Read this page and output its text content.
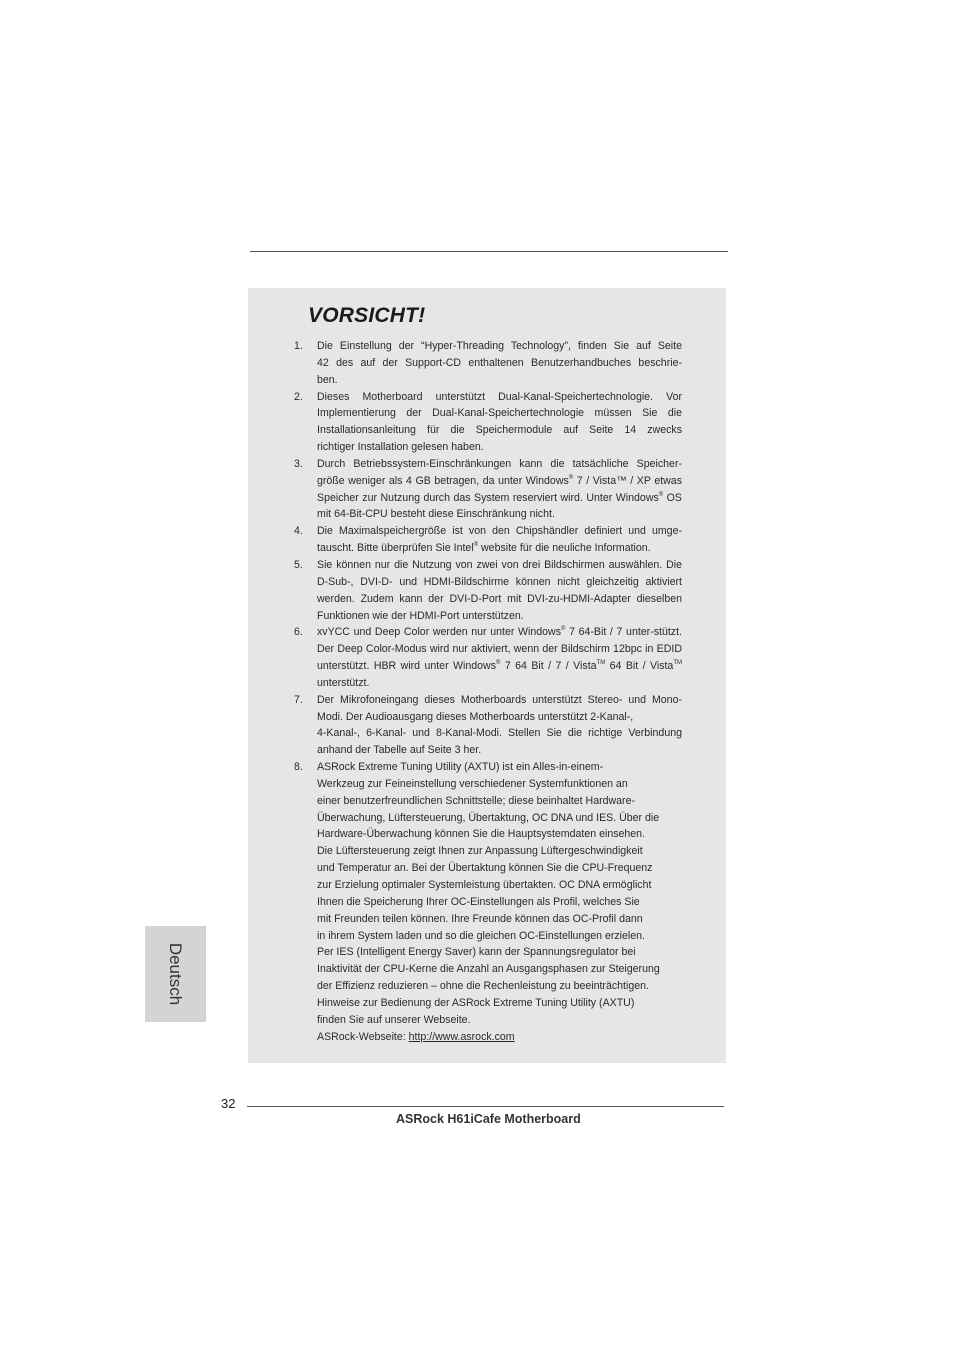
VORSICHT!
1. Die Einstellung der “Hyper-Threading Technology”, finden Sie auf Seite
42 des auf der Support-CD enthaltenen Benutzerhandbuches beschrie-
ben.
2. Dieses Motherboard unterstützt Dual-Kanal-Speichertechnologie. Vor
Implementierung der Dual-Kanal-Speichertechnologie müssen Sie die
Installationsanleitung für die Speichermodule auf Seite 14 zwecks
richtiger Installation gelesen haben.
3. Durch Betriebssystem-Einschränkungen kann die tatsächliche Speicher-größe weniger als 4 GB betragen, da unter Windows® 7 / Vista™ / XP etwas Speicher zur Nutzung durch das System reserviert wird. Unter Windows® OS mit 64-Bit-CPU besteht diese Einschränkung nicht.
4. Die Maximalspeichergröße ist von den Chipshändler definiert und umge-tauscht. Bitte überprüfen Sie Intel® website für die neuliche Information.
5. Sie können nur die Nutzung von zwei von drei Bildschirmen auswählen. Die D-Sub-, DVI-D- und HDMI-Bildschirme können nicht gleichzeitig aktiviert werden. Zudem kann der DVI-D-Port mit DVI-zu-HDMI-Adapter dieselben Funktionen wie der HDMI-Port unterstützen.
6. xvYCC und Deep Color werden nur unter Windows® 7 64-Bit / 7 unter-stützt. Der Deep Color-Modus wird nur aktiviert, wenn der Bildschirm 12bpc in EDID unterstützt. HBR wird unter Windows® 7 64 Bit / 7 / Vista™ 64 Bit / Vista™ unterstützt.
7. Der Mikrofoneingang dieses Motherboards unterstützt Stereo- und Mono-
Modi. Der Audioausgang dieses Motherboards unterstützt 2-Kanal-,
4-Kanal-, 6-Kanal- und 8-Kanal-Modi. Stellen Sie die richtige Verbindung
anhand der Tabelle auf Seite 3 her.
8. ASRock Extreme Tuning Utility (AXTU) ist ein Alles-in-einem-
Werkzeug zur Feineinstellung verschiedener Systemfunktionen an
einer benutzerfreundlichen Schnittstelle; diese beinhaltet Hardware-
Überwachung, Lüftersteuerung, Übertaktung, OC DNA und IES. Über die
Hardware-Überwachung können Sie die Hauptsystemdaten einsehen.
Die Lüftersteuerung zeigt Ihnen zur Anpassung Lüftergeschwindigkeit
und Temperatur an. Bei der Übertaktung können Sie die CPU-Frequenz
zur Erzielung optimaler Systemleistung übertakten. OC DNA ermöglicht
Ihnen die Speicherung Ihrer OC-Einstellungen als Profil, welches Sie
mit Freunden teilen können. Ihre Freunde können das OC-Profil dann
in ihrem System laden und so die gleichen OC-Einstellungen erzielen.
Per IES (Intelligent Energy Saver) kann der Spannungsregulator bei
Inaktivität der CPU-Kerne die Anzahl an Ausgangsphasen zur Steigerung
der Effizienz reduzieren – ohne die Rechenleistung zu beeinträchtigen.
Hinweise zur Bedienung der ASRock Extreme Tuning Utility (AXTU)
finden Sie auf unserer Webseite.
ASRock-Webseite: http://www.asrock.com
Deutsch
32
ASRock H61iCafe Motherboard
